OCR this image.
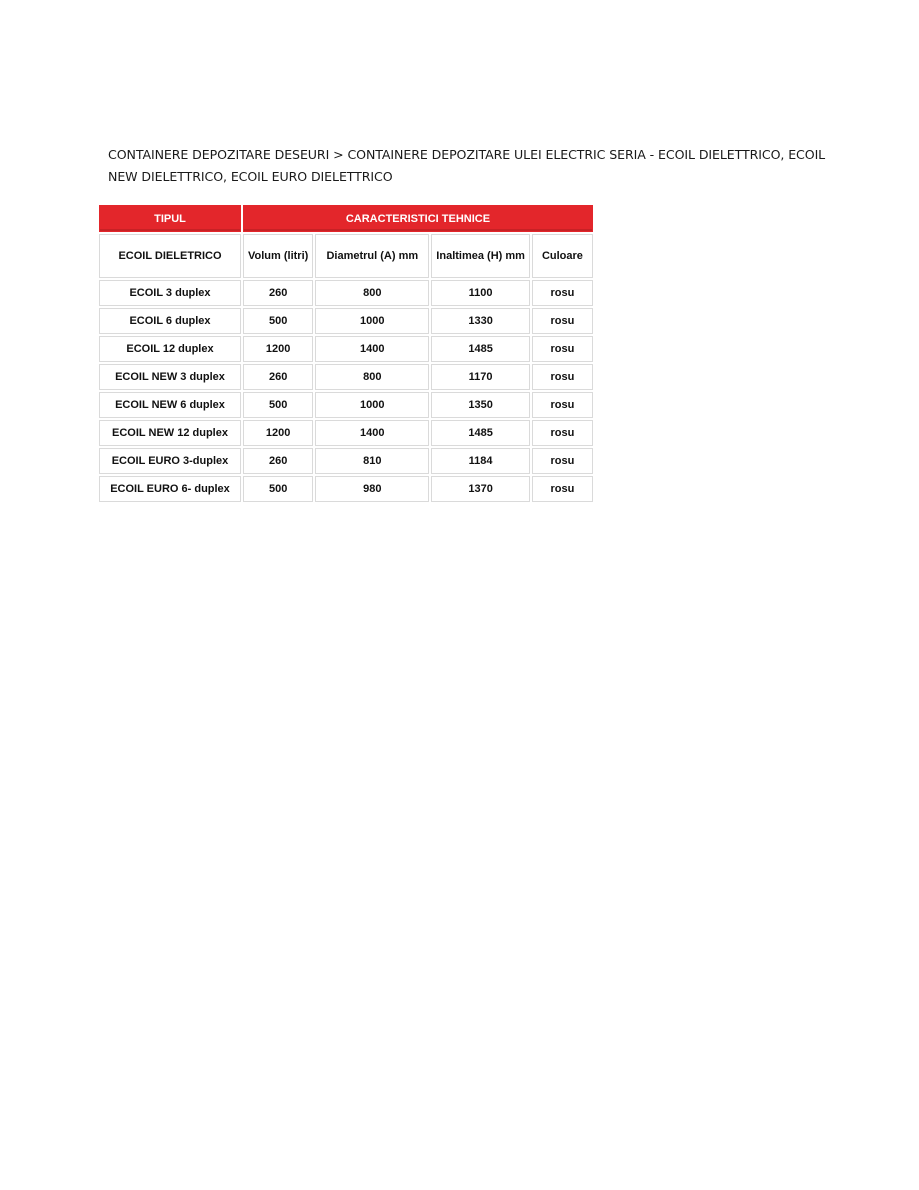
CONTAINERE DEPOZITARE DESEURI > CONTAINERE DEPOZITARE ULEI ELECTRIC SERIA - ECOIL DIELETTRICO, ECOIL
NEW DIELETTRICO, ECOIL EURO DIELETTRICO
TIPUL	CARACTERISTICI TEHNICE			
ECOIL DIELETRICO	Volum (litri)	Diametrul (A) mm	Inaltimea (H) mm	Culoare
ECOIL 3 duplex	260	800	1100	rosu
ECOIL 6 duplex	500	1000	1330	rosu
ECOIL 12 duplex	1200	1400	1485	rosu
ECOIL NEW 3 duplex	260	800	1170	rosu
ECOIL NEW 6 duplex	500	1000	1350	rosu
ECOIL NEW 12 duplex	1200	1400	1485	rosu
ECOIL EURO 3-duplex	260	810	1184	rosu
ECOIL EURO 6- duplex	500	980	1370	rosu
